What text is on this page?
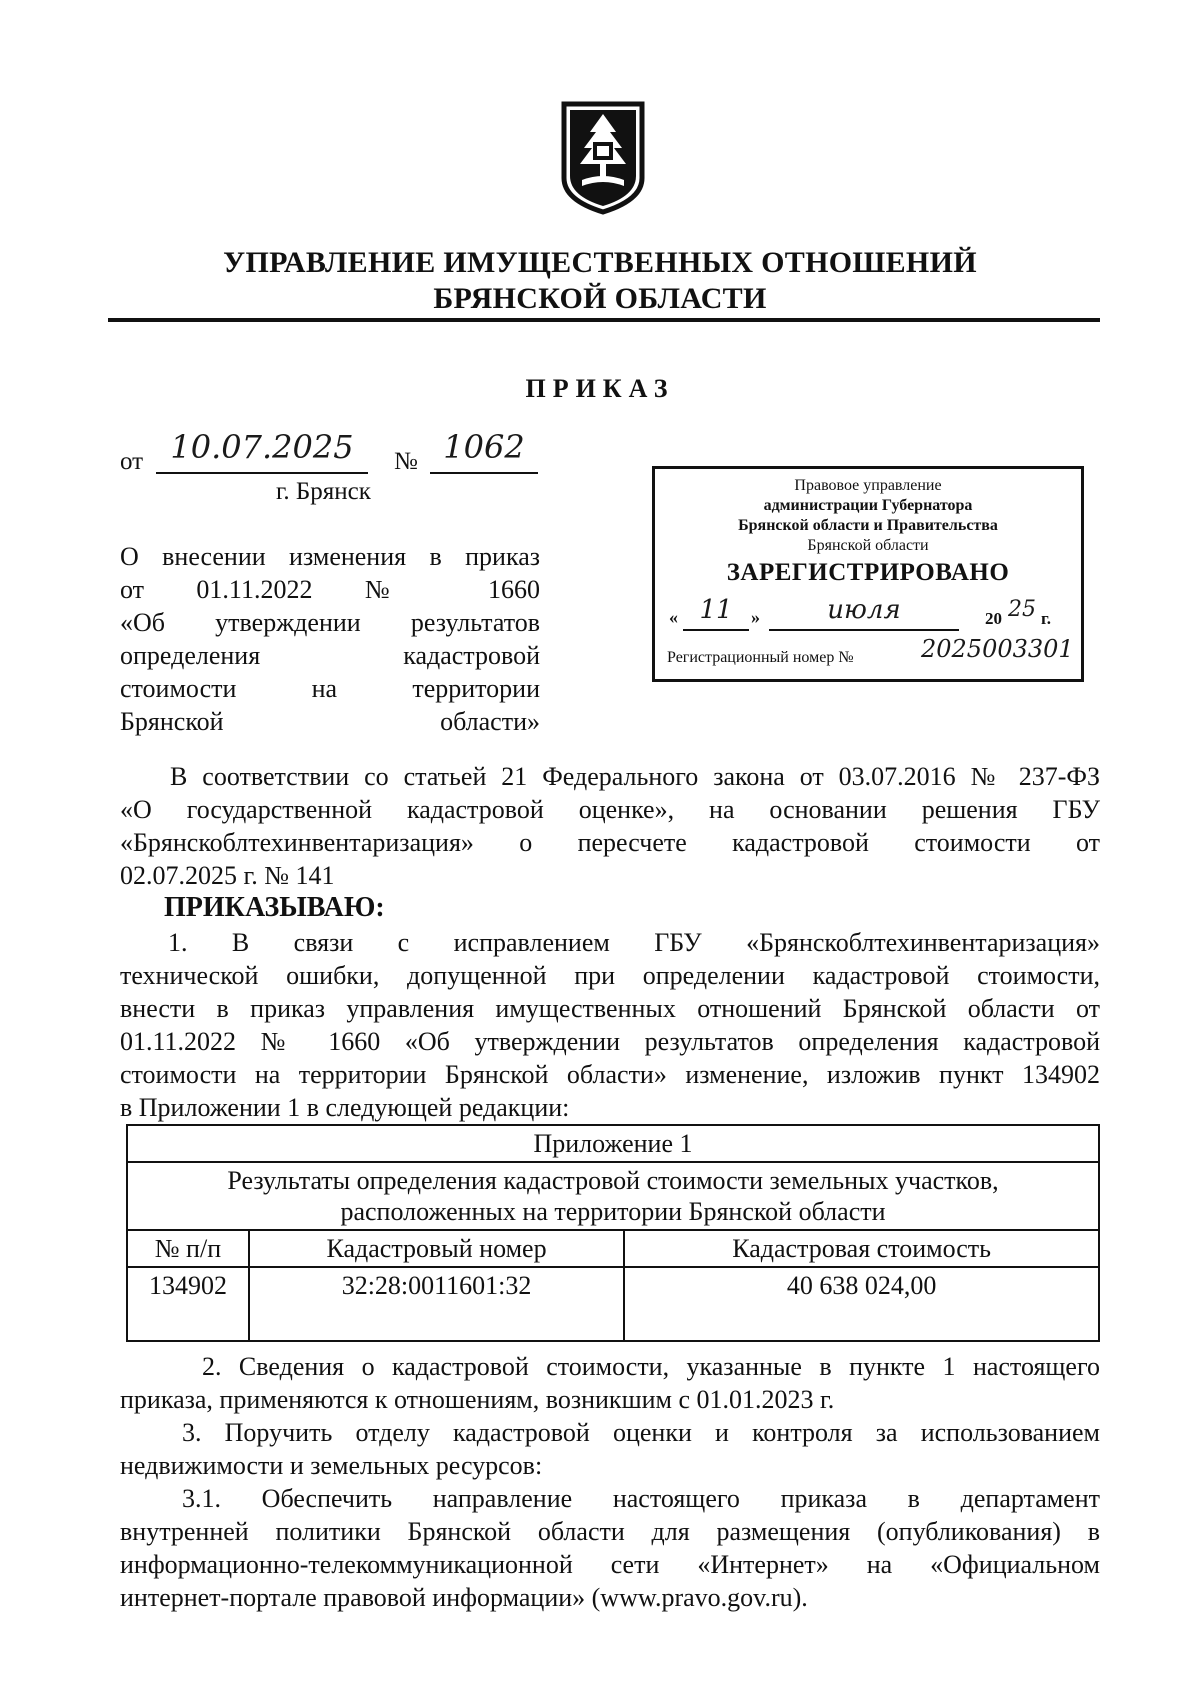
УПРАВЛЕНИЕ ИМУЩЕСТВЕННЫХ ОТНОШЕНИЙ
БРЯНСКОЙ ОБЛАСТИ
ПРИКАЗ
от 10.07.2025	№ 1062
г. Брянск
О внесении изменения в приказ
от 01.11.2022 № 1660
«Об утверждении результатов
определения кадастровой
стоимости на территории
Брянской области»
Правовое управление
администрации Губернатора
Брянской области и Правительства
Брянской области
ЗАРЕГИСТРИРОВАНО
« 11	»	июля	20 25 г.
Регистрационный номер №	2025003301
В соответствии со статьей 21 Федерального закона от 03.07.2016 № 237-ФЗ
«О государственной кадастровой оценке», на основании решения ГБУ
«Брянскоблтехинвентаризация» о пересчете кадастровой стоимости от
02.07.2025 г. № 141
ПРИКАЗЫВАЮ:
1. В связи с исправлением ГБУ «Брянскоблтехинвентаризация»
технической ошибки, допущенной при определении кадастровой стоимости,
внести в приказ управления имущественных отношений Брянской области от
01.11.2022 № 1660 «Об утверждении результатов определения кадастровой
стоимости на территории Брянской области» изменение, изложив пункт 134902
в Приложении 1 в следующей редакции:
Приложение 1		

Результаты определения кадастровой стоимости земельных участков,
расположенных на территории Брянской области		

№ п/п	Кадастровый номер	Кадастровая стоимость
134902	32:28:0011601:32	40 638 024,00
2. Сведения о кадастровой стоимости, указанные в пункте 1 настоящего
приказа, применяются к отношениям, возникшим с 01.01.2023 г.
3. Поручить отделу кадастровой оценки и контроля за использованием
недвижимости и земельных ресурсов:
3.1. Обеспечить направление настоящего приказа в департамент
внутренней политики Брянской области для размещения (опубликования) в
информационно-телекоммуникационной сети «Интернет» на «Официальном
интернет-портале правовой информации» (www.pravo.gov.ru).
